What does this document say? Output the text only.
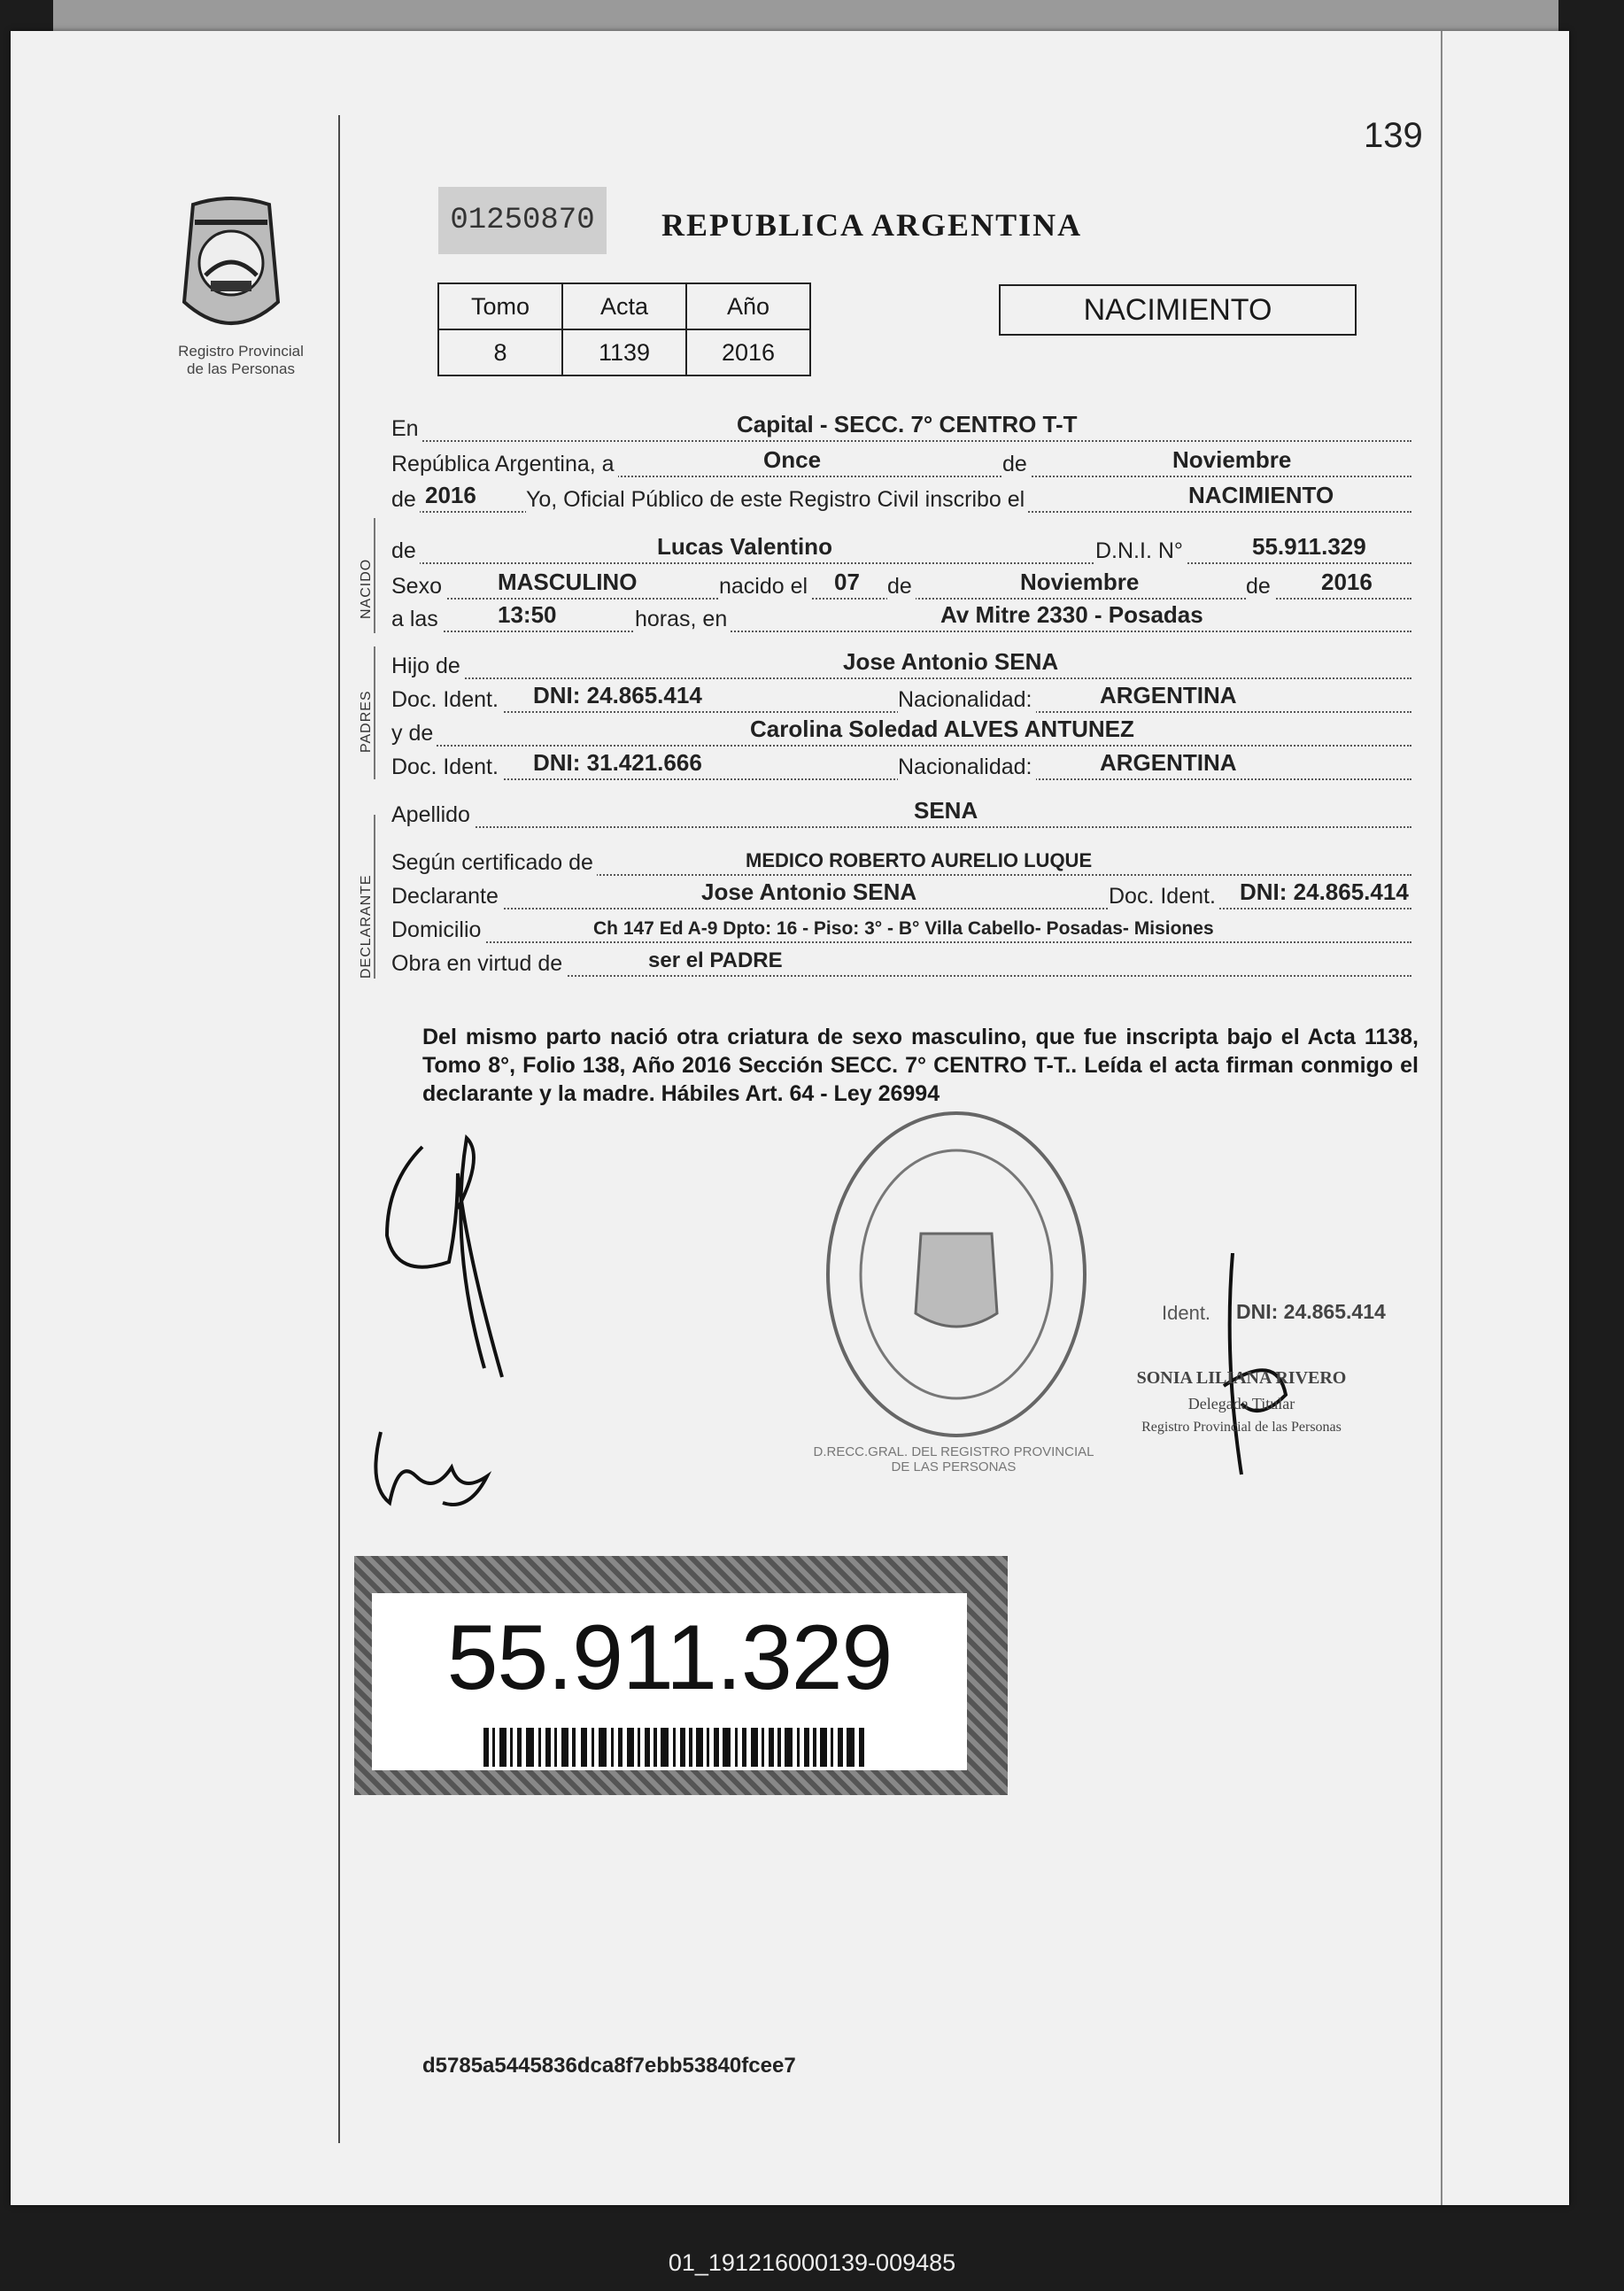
139
Registro Provincial
de las Personas
01250870	REPUBLICA ARGENTINA
Tomo	Acta	Año
8	1139	2016
NACIMIENTO
NACIDO
PADRES
DECLARANTE
En	Capital - SECC. 7° CENTRO T-T
República Argentina, a	Once	de	Noviembre
de 2016 Yo, Oficial Público de este Registro Civil inscribo el	NACIMIENTO
de	Lucas Valentino	D.N.I. N°	55.911.329
Sexo MASCULINO	nacido el 07 de	Noviembre	de 2016
a las	13:50	horas, en	Av Mitre 2330 - Posadas
Hijo de	Jose Antonio SENA
Doc. Ident. DNI: 24.865.414	Nacionalidad:	ARGENTINA
y de	Carolina Soledad ALVES ANTUNEZ
Doc. Ident. DNI: 31.421.666	Nacionalidad:	ARGENTINA
Apellido	SENA
Según certificado de	MEDICO ROBERTO AURELIO LUQUE
Declarante	Jose Antonio SENA	Doc. Ident. DNI: 24.865.414
Domicilio	Ch 147 Ed A-9 Dpto: 16 - Piso: 3° - B° Villa Cabello- Posadas- Misiones
Obra en virtud de	ser el PADRE
Del mismo parto nació otra criatura de sexo masculino, que fue inscripta bajo el Acta 1138, Tomo 8°, Folio 138, Año 2016 Sección SECC. 7° CENTRO T-T.. Leída el acta firman conmigo el declarante y la madre. Hábiles Art. 64 - Ley 26994
D.RECC.GRAL. DEL REGISTRO PROVINCIAL DE LAS PERSONAS
Ident. DNI: 24.865.414
SONIA LILIANA RIVERO
Delegada Titular
Registro Provincial de las Personas
55.911.329
d5785a5445836dca8f7ebb53840fcee7
01_191216000139-009485
